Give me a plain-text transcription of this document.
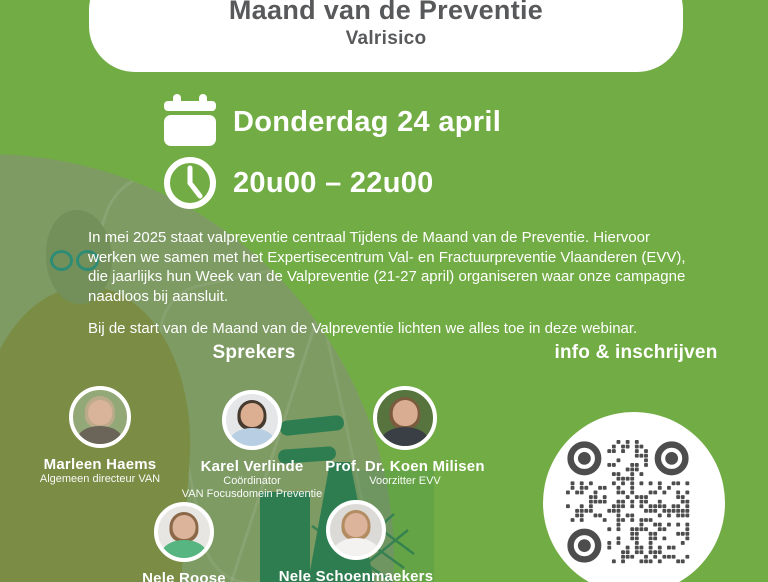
Maand van de Preventie
Valrisico
Donderdag 24 april
20u00 – 22u00

In mei 2025 staat valpreventie centraal Tijdens de Maand van de Preventie. Hiervoor werken we samen met het Expertisecentrum Val- en Fractuurpreventie Vlaanderen (EVV), die jaarlijks hun Week van de Valpreventie (21-27 april) organiseren waar onze campagne naadloos bij aansluit.

Bij de start van de Maand van de Valpreventie lichten we alles toe in deze webinar.

Sprekers	info & inschrijven
Marleen Haems
Algemeen directeur VAN
Karel Verlinde
Coördinator
VAN Focusdomein Preventie
Prof. Dr. Koen Milisen
Voorzitter EVV
Nele Roose	Nele Schoenmaekers
